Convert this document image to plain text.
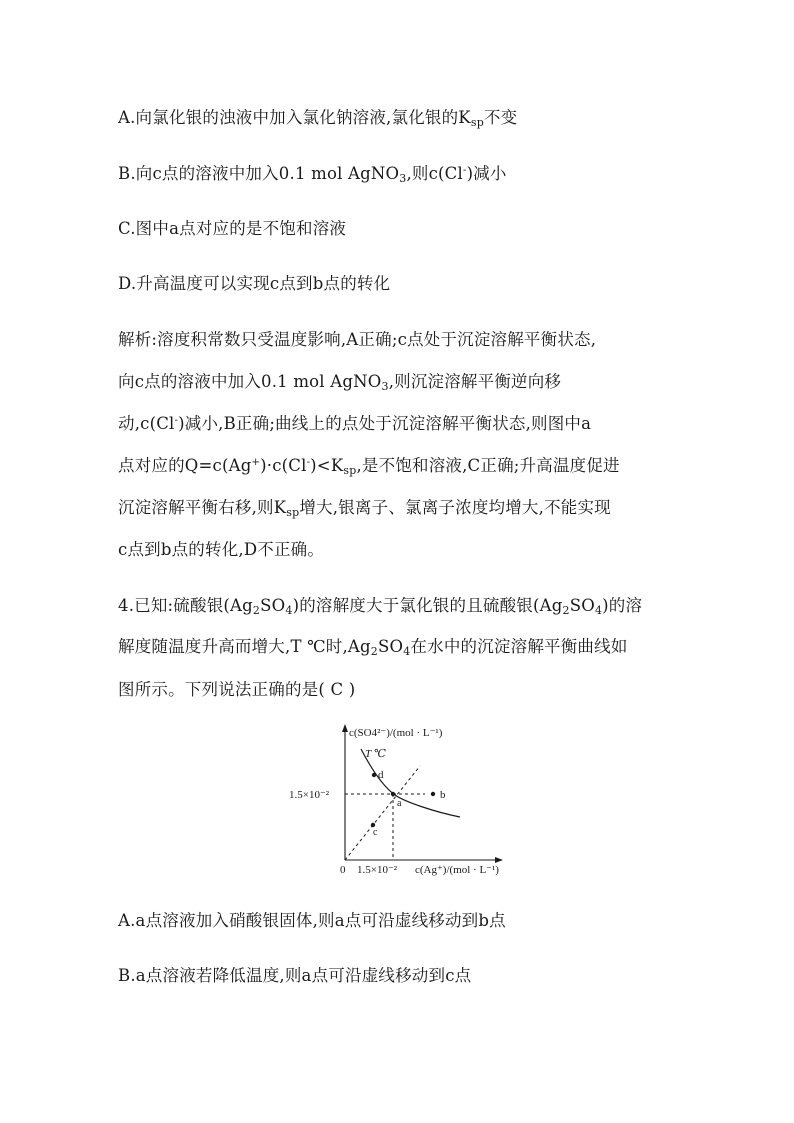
A.向氯化银的浊液中加入氯化钠溶液,氯化银的$K_{sp}$不变
B.向c点的溶液中加入0.1 mol AgNO$_3$,则c(Cl-)减小
C.图中a点对应的是不饱和溶液
D.升高温度可以实现c点到b点的转化
解析:溶度积常数只受温度影响,A正确;c点处于沉淀溶解平衡状态,
向c点的溶液中加入0.1 mol AgNO$_3$,则沉淀溶解平衡逆向移
动,c(Cl-)减小,B正确;曲线上的点处于沉淀溶解平衡状态,则图中a
点对应的$Q=c(Ag^+)\cdot c(Cl^-)<K_{sp}$,是不饱和溶液,C正确;升高温度促进
沉淀溶解平衡右移,则$K_{sp}$增大,银离子、氯离子浓度均增大,不能实现
c点到b点的转化,D不正确。
4.已知:硫酸银$(Ag_2SO_4)$的溶解度大于氯化银的且硫酸银$(Ag_2SO_4)$的溶
解度随温度升高而增大,T ℃时$,Ag_2SO_4$在水中的沉淀溶解平衡曲线如
图所示。下列说法正确的是( C )
c(SO4²⁻)/(mol · L⁻¹)
T ℃
1.5×10⁻²
a
b
c
d
0 1.5×10⁻² c(Ag⁺)/(mol · L⁻¹)
A.a点溶液加入硝酸银固体,则a点可沿虚线移动到b点
B.a点溶液若降低温度,则a点可沿虚线移动到c点
